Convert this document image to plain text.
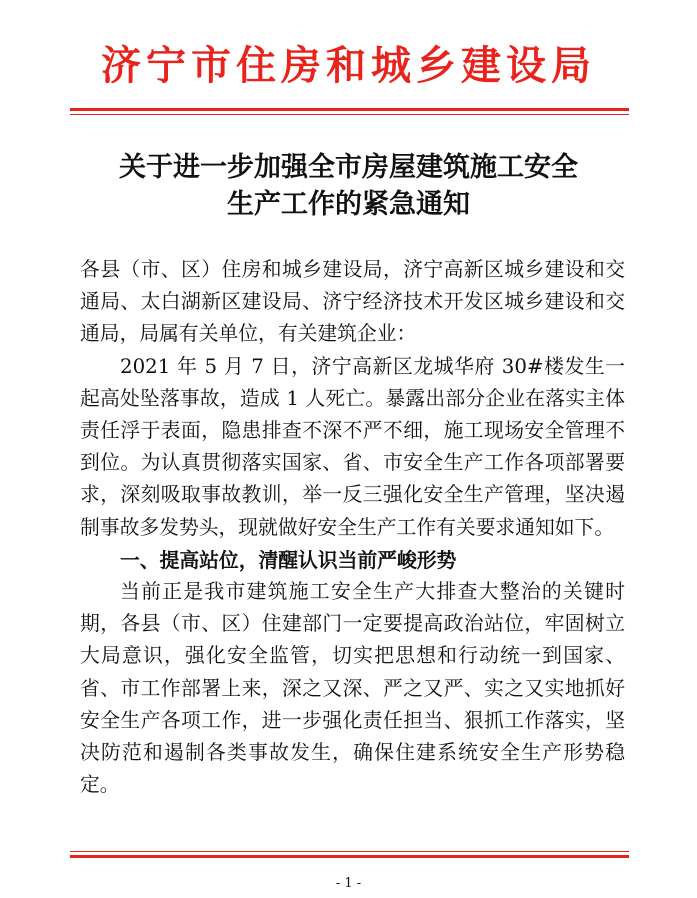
济宁市住房和城乡建设局
关于进一步加强全市房屋建筑施工安全
生产工作的紧急通知

各县（市、区）住房和城乡建设局，济宁高新区城乡建设和交通局、太白湖新区建设局、济宁经济技术开发区城乡建设和交通局，局属有关单位，有关建筑企业：

2021 年 5 月 7 日，济宁高新区龙城华府 30#楼发生一起高处坠落事故，造成 1 人死亡。暴露出部分企业在落实主体责任浮于表面，隐患排查不深不严不细，施工现场安全管理不到位。为认真贯彻落实国家、省、市安全生产工作各项部署要求，深刻吸取事故教训，举一反三强化安全生产管理，坚决遏制事故多发势头，现就做好安全生产工作有关要求通知如下。

一、提高站位，清醒认识当前严峻形势

当前正是我市建筑施工安全生产大排查大整治的关键时期，各县（市、区）住建部门一定要提高政治站位，牢固树立大局意识，强化安全监管，切实把思想和行动统一到国家、省、市工作部署上来，深之又深、严之又严、实之又实地抓好安全生产各项工作，进一步强化责任担当、狠抓工作落实，坚决防范和遏制各类事故发生，确保住建系统安全生产形势稳定。

- 1 -
